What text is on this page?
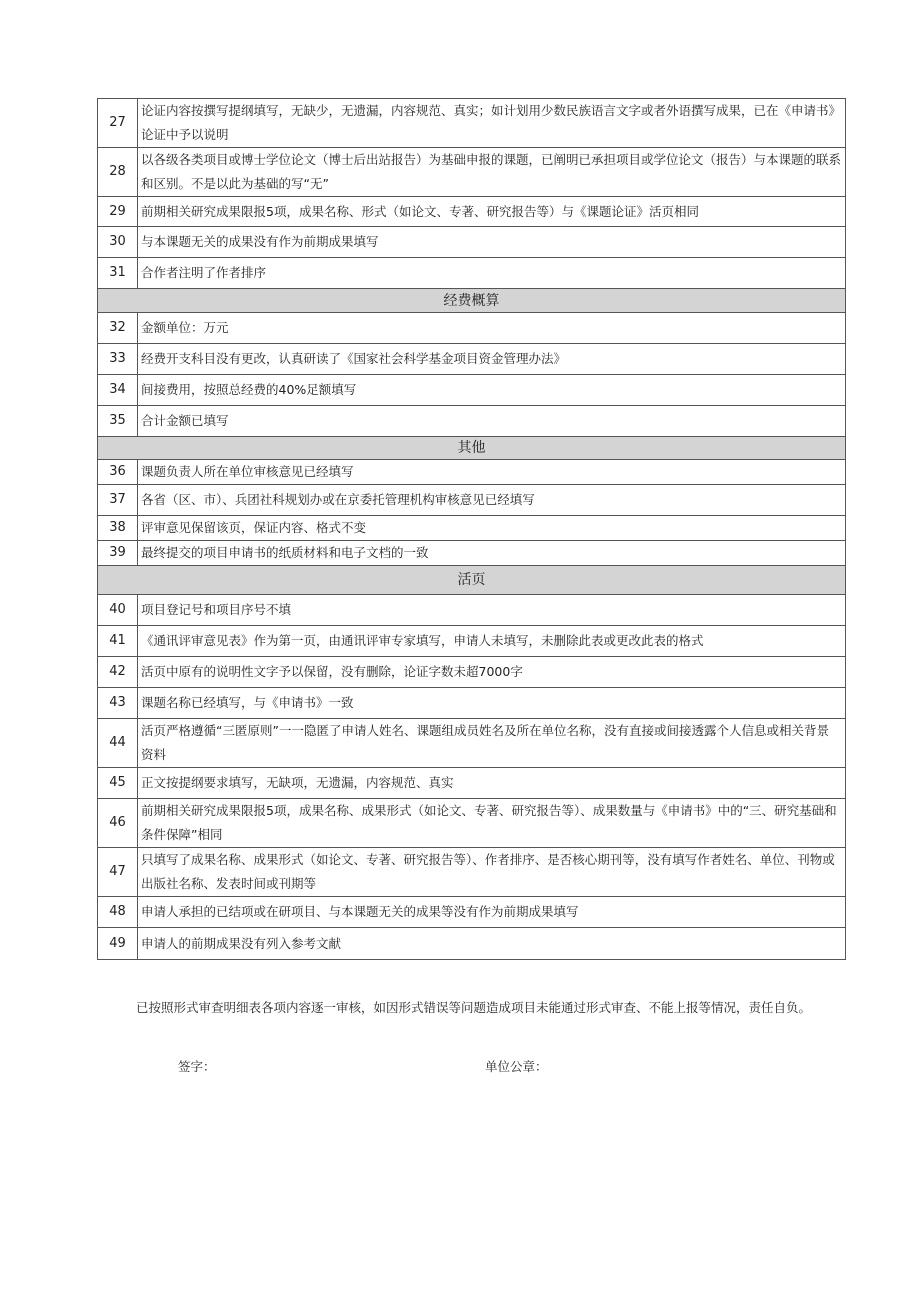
27	论证内容按撰写提纲填写，无缺少，无遗漏，内容规范、真实；如计划用少数民族语言文字或者外语撰写成果，已在《申请书》论证中予以说明
28	以各级各类项目或博士学位论文（博士后出站报告）为基础申报的课题，已阐明已承担项目或学位论文（报告）与本课题的联系和区别。不是以此为基础的写“无”
29	前期相关研究成果限报5项，成果名称、形式（如论文、专著、研究报告等）与《课题论证》活页相同
30	与本课题无关的成果没有作为前期成果填写
31	合作者注明了作者排序
经费概算	
32	金额单位：万元
33	经费开支科目没有更改，认真研读了《国家社会科学基金项目资金管理办法》
34	间接费用，按照总经费的40%足额填写
35	合计金额已填写
其他	
36	课题负责人所在单位审核意见已经填写
37	各省（区、市）、兵团社科规划办或在京委托管理机构审核意见已经填写
38	评审意见保留该页，保证内容、格式不变
39	最终提交的项目申请书的纸质材料和电子文档的一致
活页	
40	项目登记号和项目序号不填
41	《通讯评审意见表》作为第一页，由通讯评审专家填写，申请人未填写，未删除此表或更改此表的格式
42	活页中原有的说明性文字予以保留，没有删除，论证字数未超7000字
43	课题名称已经填写，与《申请书》一致
44	活页严格遵循“三匿原则”一一隐匿了申请人姓名、课题组成员姓名及所在单位名称，没有直接或间接透露个人信息或相关背景资料
45	正文按提纲要求填写，无缺项，无遗漏，内容规范、真实
46	前期相关研究成果限报5项，成果名称、成果形式（如论文、专著、研究报告等）、成果数量与《申请书》中的“三、研究基础和条件保障”相同
47	只填写了成果名称、成果形式（如论文、专著、研究报告等）、作者排序、是否核心期刊等，没有填写作者姓名、单位、刊物或出版社名称、发表时间或刊期等
48	申请人承担的已结项或在研项目、与本课题无关的成果等没有作为前期成果填写
49	申请人的前期成果没有列入参考文献

已按照形式审查明细表各项内容逐一审核，如因形式错误等问题造成项目未能通过形式审查、不能上报等情况，责任自负。

签字：	单位公章：
